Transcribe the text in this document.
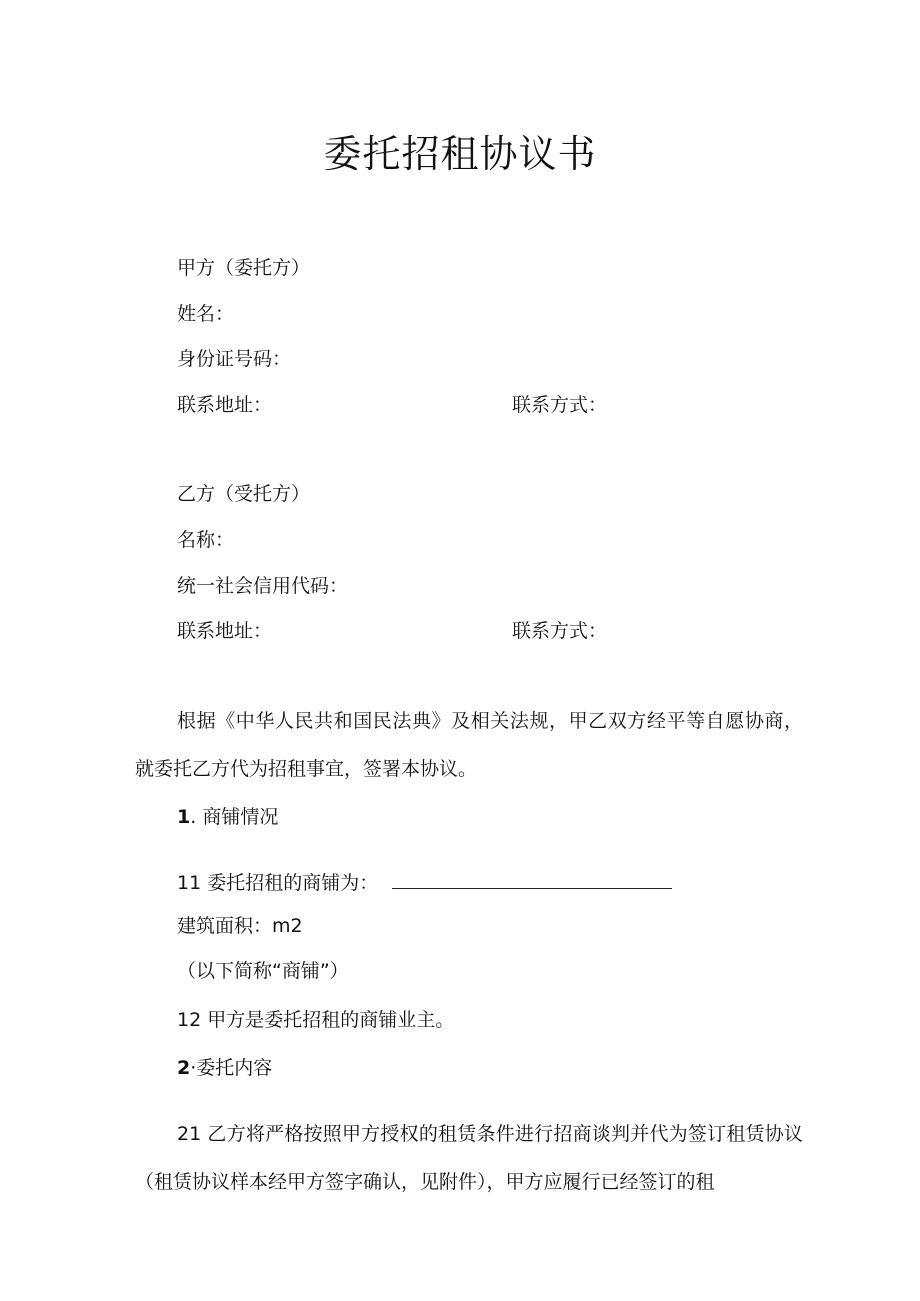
委托招租协议书
甲方（委托方）
姓名：
身份证号码：
联系地址：	联系方式：
乙方（受托方）
名称：
统一社会信用代码：
联系地址：	联系方式：
根据《中华人民共和国民法典》及相关法规，甲乙双方经平等自愿协商，就委托乙方代为招租事宜，签署本协议。
1. 商铺情况
11 委托招租的商铺为：
建筑面积：m2
（以下简称“商铺”）
12 甲方是委托招租的商铺业主。
2·委托内容
21 乙方将严格按照甲方授权的租赁条件进行招商谈判并代为签订租赁协议（租赁协议样本经甲方签字确认，见附件），甲方应履行已经签订的租
